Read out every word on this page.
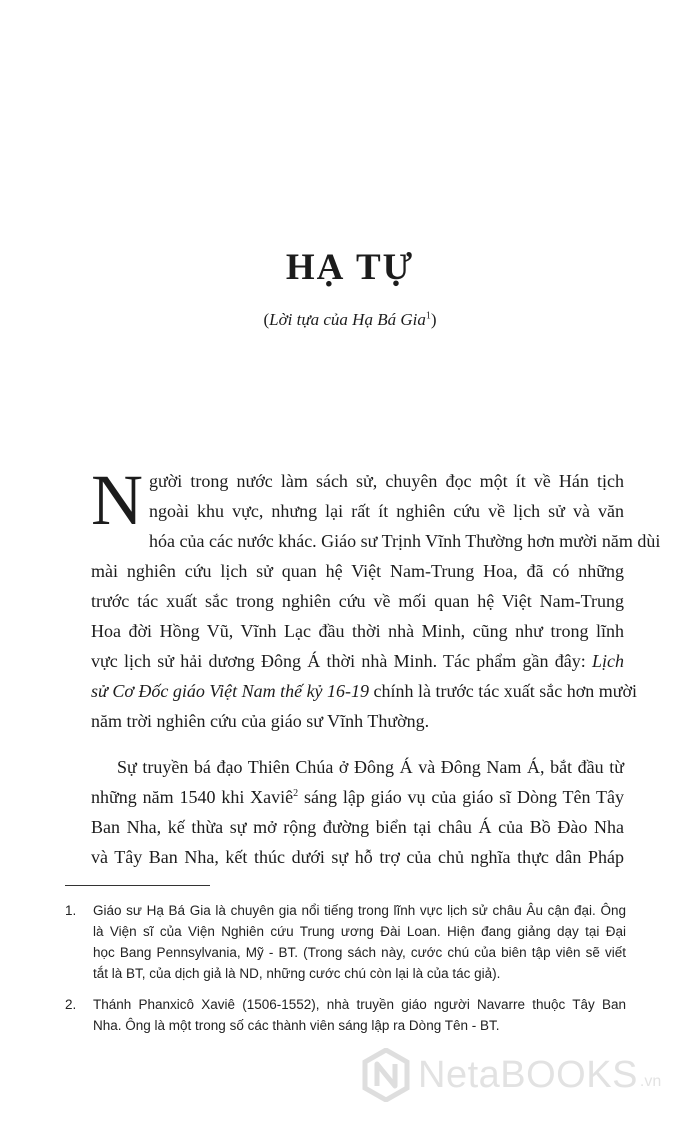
HẠ TỰ

(Lời tựa của Hạ Bá Gia$^1$)

N gười trong nước làm sách sử, chuyên đọc một ít về Hán tịch
ngoài khu vực, nhưng lại rất ít nghiên cứu về lịch sử và văn
hóa của các nước khác. Giáo sư Trịnh Vĩnh Thường hơn mười năm dùi
mài nghiên cứu lịch sử quan hệ Việt Nam-Trung Hoa, đã có những
trước tác xuất sắc trong nghiên cứu về mối quan hệ Việt Nam-Trung
Hoa đời Hồng Vũ, Vĩnh Lạc đầu thời nhà Minh, cũng như trong lĩnh
vực lịch sử hải dương Đông Á thời nhà Minh. Tác phẩm gần đây: Lịch
sử Cơ Đốc giáo Việt Nam thế kỷ 16-19 chính là trước tác xuất sắc hơn mười
năm trời nghiên cứu của giáo sư Vĩnh Thường.

Sự truyền bá đạo Thiên Chúa ở Đông Á và Đông Nam Á, bắt đầu từ
những năm 1540 khi Xaviê$^2$ sáng lập giáo vụ của giáo sĩ Dòng Tên Tây
Ban Nha, kế thừa sự mở rộng đường biển tại châu Á của Bồ Đào Nha
và Tây Ban Nha, kết thúc dưới sự hỗ trợ của chủ nghĩa thực dân Pháp

1.	Giáo sư Hạ Bá Gia là chuyên gia nổi tiếng trong lĩnh vực lịch sử châu Âu cận đại. Ông
là Viện sĩ của Viện Nghiên cứu Trung ương Đài Loan. Hiện đang giảng dạy tại Đại
học Bang Pennsylvania, Mỹ - BT. (Trong sách này, cước chú của biên tập viên sẽ viết
tắt là BT, của dịch giả là ND, những cước chú còn lại là của tác giả).
2.	Thánh Phanxicô Xaviê (1506-1552), nhà truyền giáo người Navarre thuộc Tây Ban
Nha. Ông là một trong số các thành viên sáng lập ra Dòng Tên - BT.
NetaBOOKS .vn
